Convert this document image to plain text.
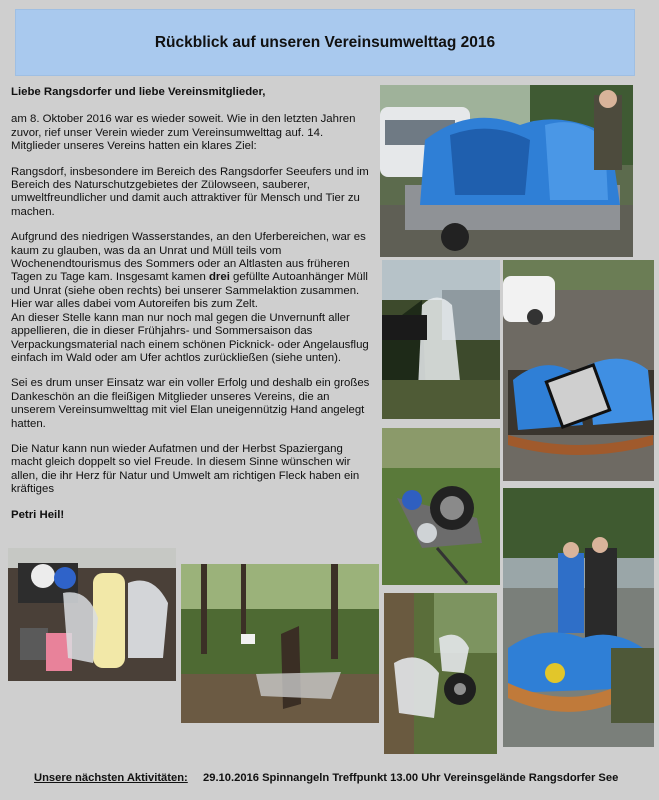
Rückblick auf unseren Vereinsumwelttag 2016

Liebe Rangsdorfer und liebe Vereinsmitglieder,

am 8. Oktober 2016 war es wieder soweit. Wie in den letzten Jahren zuvor, rief unser Verein wieder zum Vereinsumwelttag auf. 14. Mitglieder unseres Vereins hatten ein klares Ziel:

Rangsdorf, insbesondere im Bereich des Rangsdorfer Seeufers und im Bereich des Naturschutzgebietes der Zülowseen, sauberer, umweltfreundlicher und damit auch attraktiver für Mensch und Tier zu machen.

Aufgrund des niedrigen Wasserstandes, an den Uferbereichen, war es kaum zu glauben, was da an Unrat und Müll teils vom Wochenendtourismus des Sommers oder an Altlasten aus früheren Tagen zu Tage kam. Insgesamt kamen drei gefüllte Autoanhänger Müll und Unrat (siehe oben rechts) bei unserer Sammelaktion zusammen.
Hier war alles dabei vom Autoreifen bis zum Zelt.
An dieser Stelle kann man nur noch mal gegen die Unvernunft aller appellieren, die in dieser Frühjahrs- und Sommersaison das Verpackungsmaterial nach einem schönen Picknick- oder Angelausflug einfach im Wald oder am Ufer achtlos zurückließen (siehe unten).

Sei es drum unser Einsatz war ein voller Erfolg und deshalb ein großes Dankeschön an die fleißigen Mitglieder unseres Vereins, die an unserem Vereinsumwelttag mit viel Elan uneigennützig Hand angelegt hatten.

Die Natur kann nun wieder Aufatmen und der Herbst Spaziergang macht gleich doppelt so viel Freude. In diesem Sinne wünschen wir allen, die ihr Herz für Natur und Umwelt am richtigen Fleck haben ein kräftiges

Petri Heil!

Unsere nächsten Aktivitäten: 29.10.2016 Spinnangeln Treffpunkt 13.00 Uhr Vereinsgelände Rangsdorfer See
